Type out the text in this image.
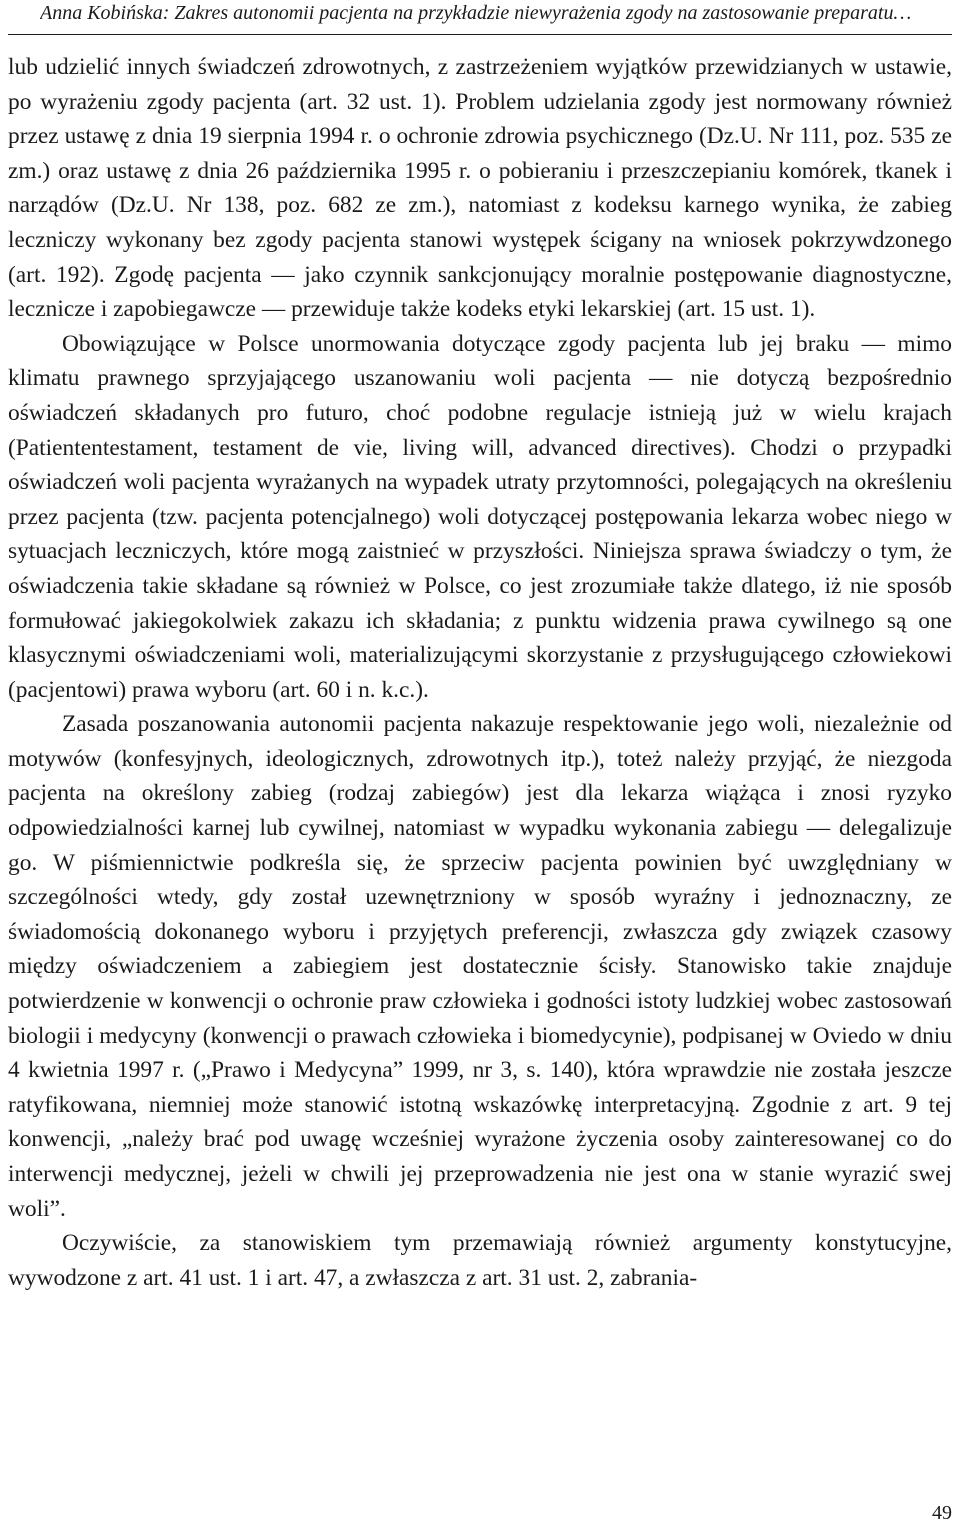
Anna Kobińska: Zakres autonomii pacjenta na przykładzie niewyrażenia zgody na zastosowanie preparatu…

lub udzielić innych świadczeń zdrowotnych, z zastrzeżeniem wyjątków przewidzianych w ustawie, po wyrażeniu zgody pacjenta (art. 32 ust. 1). Problem udzielania zgody jest normowany również przez ustawę z dnia 19 sierpnia 1994 r. o ochronie zdrowia psychicznego (Dz.U. Nr 111, poz. 535 ze zm.) oraz ustawę z dnia 26 października 1995 r. o pobieraniu i przeszczepianiu komórek, tkanek i narządów (Dz.U. Nr 138, poz. 682 ze zm.), natomiast z kodeksu karnego wynika, że zabieg leczniczy wykonany bez zgody pacjenta stanowi występek ścigany na wniosek pokrzywdzonego (art. 192). Zgodę pacjenta — jako czynnik sankcjonujący moralnie postępowanie diagnostyczne, lecznicze i zapobiegawcze — przewiduje także kodeks etyki lekarskiej (art. 15 ust. 1).

Obowiązujące w Polsce unormowania dotyczące zgody pacjenta lub jej braku — mimo klimatu prawnego sprzyjającego uszanowaniu woli pacjenta — nie dotyczą bezpośrednio oświadczeń składanych pro futuro, choć podobne regulacje istnieją już w wielu krajach (Patiententestament, testament de vie, living will, advanced directives). Chodzi o przypadki oświadczeń woli pacjenta wyrażanych na wypadek utraty przytomności, polegających na określeniu przez pacjenta (tzw. pacjenta potencjalnego) woli dotyczącej postępowania lekarza wobec niego w sytuacjach leczniczych, które mogą zaistnieć w przyszłości. Niniejsza sprawa świadczy o tym, że oświadczenia takie składane są również w Polsce, co jest zrozumiałe także dlatego, iż nie sposób formułować jakiegokolwiek zakazu ich składania; z punktu widzenia prawa cywilnego są one klasycznymi oświadczeniami woli, materializującymi skorzystanie z przysługującego człowiekowi (pacjentowi) prawa wyboru (art. 60 i n. k.c.).

Zasada poszanowania autonomii pacjenta nakazuje respektowanie jego woli, niezależnie od motywów (konfesyjnych, ideologicznych, zdrowotnych itp.), toteż należy przyjąć, że niezgoda pacjenta na określony zabieg (rodzaj zabiegów) jest dla lekarza wiążąca i znosi ryzyko odpowiedzialności karnej lub cywilnej, natomiast w wypadku wykonania zabiegu — delegalizuje go. W piśmiennictwie podkreśla się, że sprzeciw pacjenta powinien być uwzględniany w szczególności wtedy, gdy został uzewnętrzniony w sposób wyraźny i jednoznaczny, ze świadomością dokonanego wyboru i przyjętych preferencji, zwłaszcza gdy związek czasowy między oświadczeniem a zabiegiem jest dostatecznie ścisły. Stanowisko takie znajduje potwierdzenie w konwencji o ochronie praw człowieka i godności istoty ludzkiej wobec zastosowań biologii i medycyny (konwencji o prawach człowieka i biomedycynie), podpisanej w Oviedo w dniu 4 kwietnia 1997 r. („Prawo i Medycyna” 1999, nr 3, s. 140), która wprawdzie nie została jeszcze ratyfikowana, niemniej może stanowić istotną wskazówkę interpretacyjną. Zgodnie z art. 9 tej konwencji, „należy brać pod uwagę wcześniej wyrażone życzenia osoby zainteresowanej co do interwencji medycznej, jeżeli w chwili jej przeprowadzenia nie jest ona w stanie wyrazić swej woli”.

Oczywiście, za stanowiskiem tym przemawiają również argumenty konstytucyjne, wywodzone z art. 41 ust. 1 i art. 47, a zwłaszcza z art. 31 ust. 2, zabrania-

49
